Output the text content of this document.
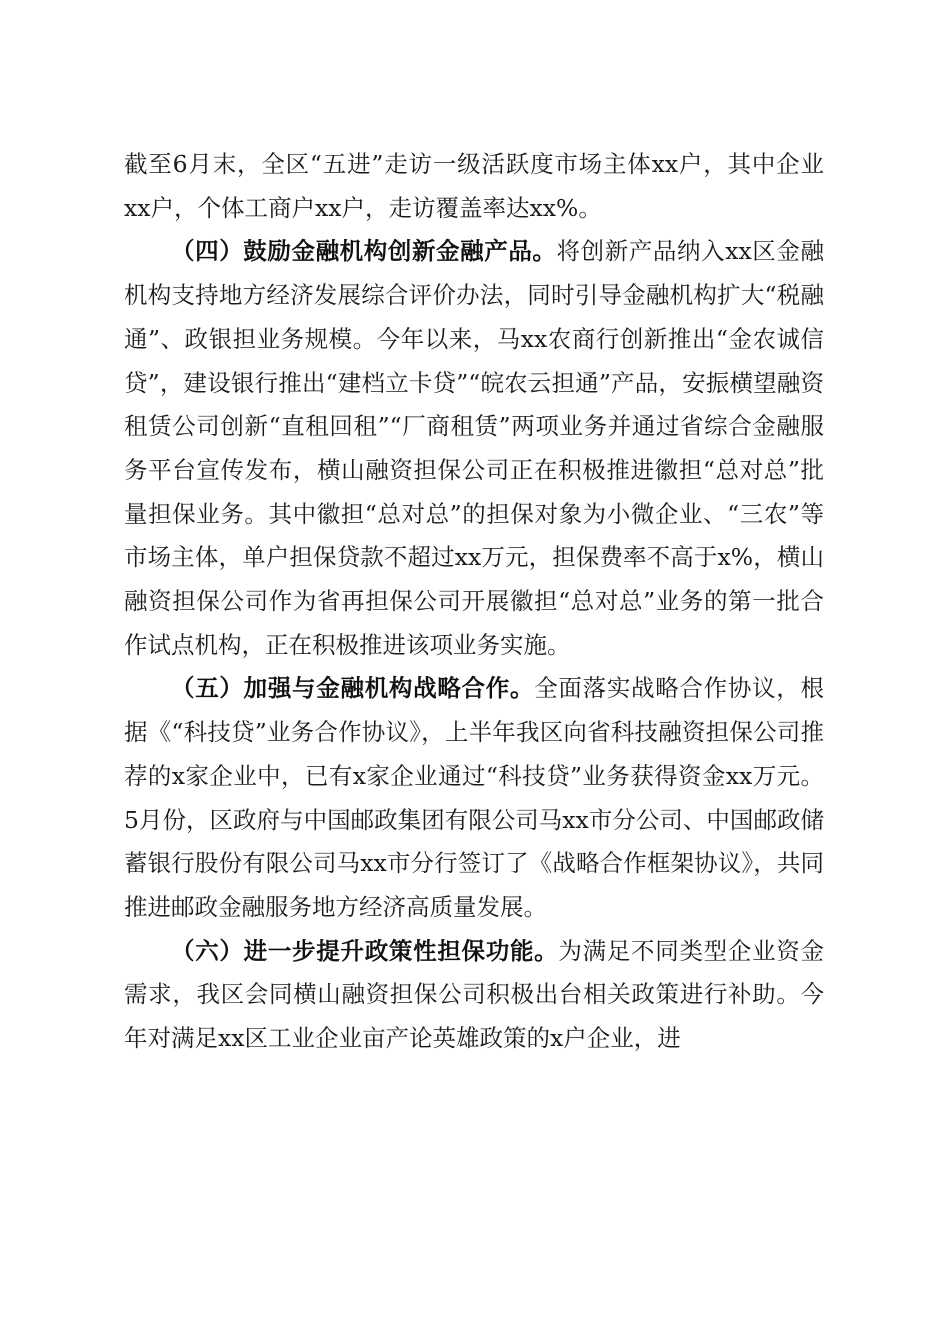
截至6月末，全区“五进”走访一级活跃度市场主体xx户，其中企业xx户，个体工商户xx户，走访覆盖率达xx%。

（四）鼓励金融机构创新金融产品。将创新产品纳入xx区金融机构支持地方经济发展综合评价办法，同时引导金融机构扩大“税融通”、政银担业务规模。今年以来，马xx农商行创新推出“金农诚信贷”，建设银行推出“建档立卡贷”“皖农云担通”产品，安振横望融资租赁公司创新“直租回租”“厂商租赁”两项业务并通过省综合金融服务平台宣传发布，横山融资担保公司正在积极推进徽担“总对总”批量担保业务。其中徽担“总对总”的担保对象为小微企业、“三农”等市场主体，单户担保贷款不超过xx万元，担保费率不高于x%，横山融资担保公司作为省再担保公司开展徽担“总对总”业务的第一批合作试点机构，正在积极推进该项业务实施。

（五）加强与金融机构战略合作。全面落实战略合作协议，根据《“科技贷”业务合作协议》，上半年我区向省科技融资担保公司推荐的x家企业中，已有x家企业通过“科技贷”业务获得资金xx万元。5月份，区政府与中国邮政集团有限公司马xx市分公司、中国邮政储蓄银行股份有限公司马xx市分行签订了《战略合作框架协议》，共同推进邮政金融服务地方经济高质量发展。

（六）进一步提升政策性担保功能。为满足不同类型企业资金需求，我区会同横山融资担保公司积极出台相关政策进行补助。今年对满足xx区工业企业亩产论英雄政策的x户企业，进
